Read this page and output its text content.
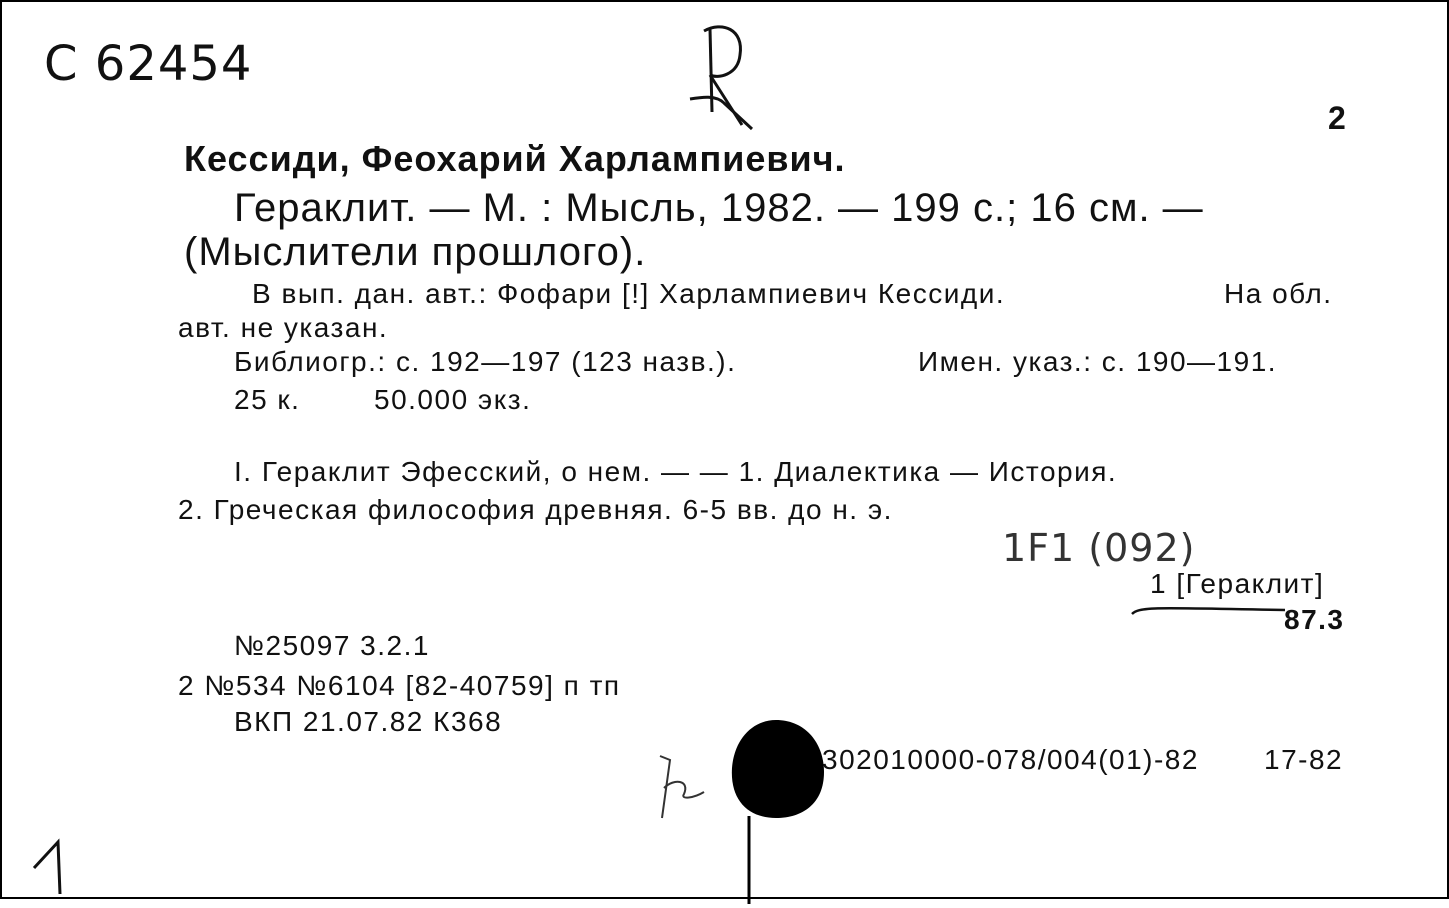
С 62454
2
Кессиди, Феохарий Харлампиевич.
Гераклит. — М. : Мысль, 1982. — 199 с.; 16 см. —
(Мыслители прошлого).
В вып. дан. авт.: Фофари [!] Харлампиевич Кессиди.	На обл.
авт. не указан.
Библиогр.: с. 192—197 (123 назв.).	Имен. указ.: с. 190—191.
25 к.	50.000 экз.
I. Гераклит Эфесский, о нем. — — 1. Диалектика — История.
2. Греческая философия древняя. 6-5 вв. до н. э.
1F1 (092)
1 [Гераклит]
87.3
№25097 3.2.1
2 №534 №6104 [82-40759] п тп
ВКП 21.07.82 К368
302010000-078/004(01)-82 17-82
